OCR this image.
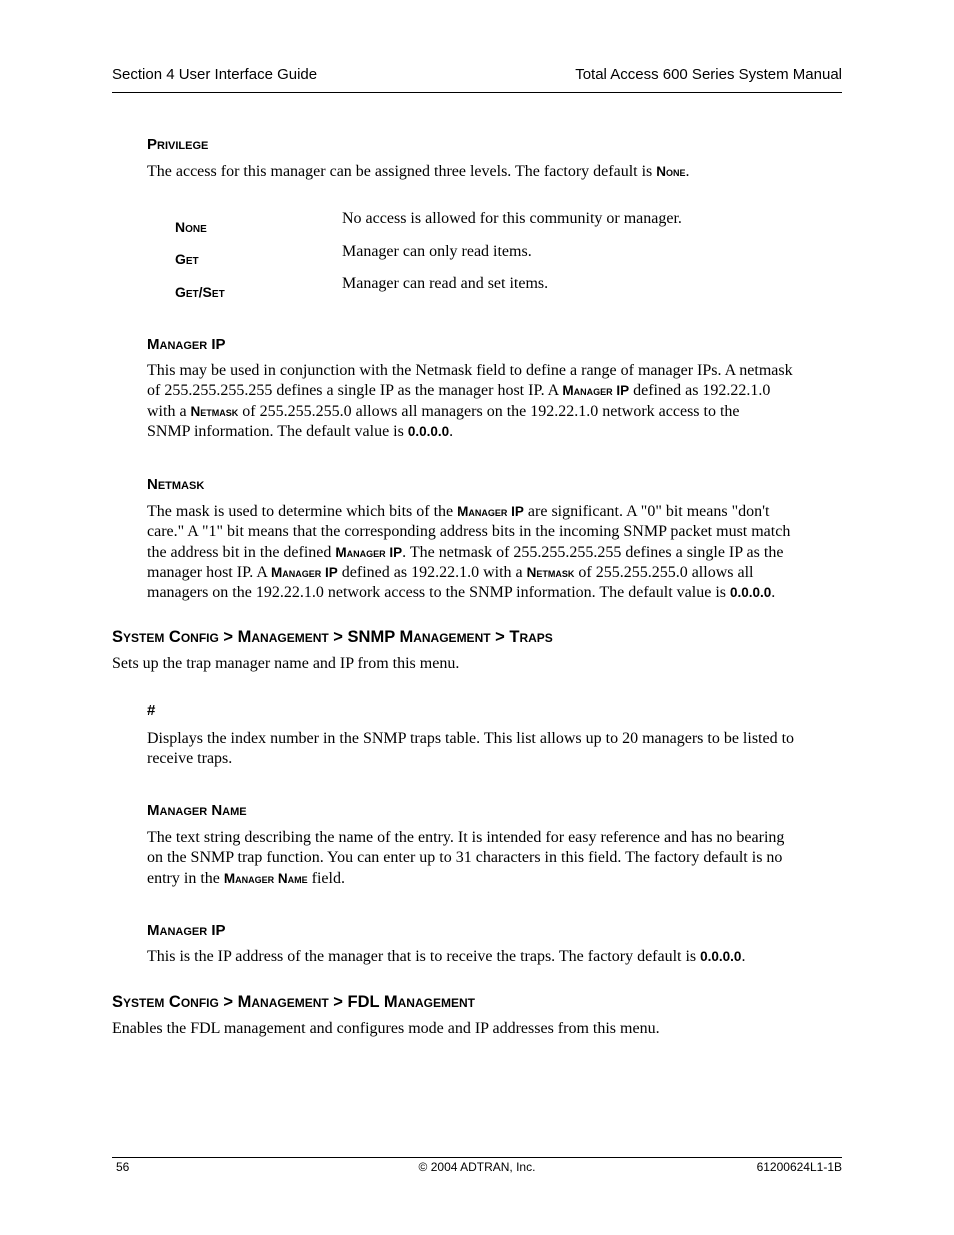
Section 4 User Interface Guide	Total Access 600 Series System Manual
Privilege
The access for this manager can be assigned three levels. The factory default is None.
None	No access is allowed for this community or manager.
Get	Manager can only read items.
Get/Set	Manager can read and set items.
Manager IP
This may be used in conjunction with the Netmask field to define a range of manager IPs. A netmask
of 255.255.255.255 defines a single IP as the manager host IP. A Manager IP defined as 192.22.1.0
with a Netmask of 255.255.255.0 allows all managers on the 192.22.1.0 network access to the
SNMP information. The default value is 0.0.0.0.
Netmask
The mask is used to determine which bits of the Manager IP are significant. A "0" bit means "don't
care." A "1" bit means that the corresponding address bits in the incoming SNMP packet must match
the address bit in the defined Manager IP. The netmask of 255.255.255.255 defines a single IP as the
manager host IP. A Manager IP defined as 192.22.1.0 with a Netmask of 255.255.255.0 allows all
managers on the 192.22.1.0 network access to the SNMP information. The default value is 0.0.0.0.
System Config > Management > SNMP Management > Traps
Sets up the trap manager name and IP from this menu.
#
Displays the index number in the SNMP traps table. This list allows up to 20 managers to be listed to
receive traps.
Manager Name
The text string describing the name of the entry. It is intended for easy reference and has no bearing
on the SNMP trap function. You can enter up to 31 characters in this field. The factory default is no
entry in the Manager Name field.
Manager IP
This is the IP address of the manager that is to receive the traps. The factory default is 0.0.0.0.
System Config > Management > FDL Management
Enables the FDL management and configures mode and IP addresses from this menu.
56	© 2004 ADTRAN, Inc.	61200624L1-1B
